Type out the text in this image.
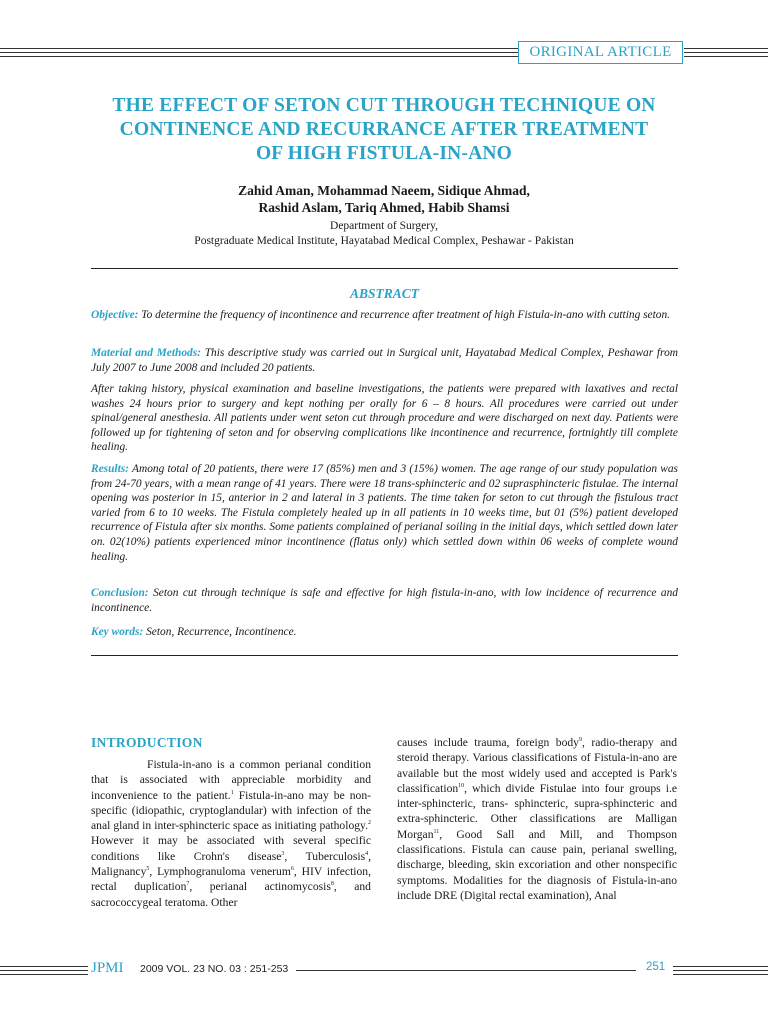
ORIGINAL ARTICLE
THE EFFECT OF SETON CUT THROUGH TECHNIQUE ON
CONTINENCE AND RECURRANCE AFTER TREATMENT
OF HIGH FISTULA-IN-ANO
Zahid Aman, Mohammad Naeem, Sidique Ahmad,
Rashid Aslam, Tariq Ahmed, Habib Shamsi
Department of Surgery,
Postgraduate Medical Institute, Hayatabad Medical Complex, Peshawar - Pakistan
ABSTRACT

Objective: To determine the frequency of incontinence and recurrence after treatment of high Fistula-in-ano with cutting seton.

Material and Methods: This descriptive study was carried out in Surgical unit, Hayatabad Medical Complex, Peshawar from July 2007 to June 2008 and included 20 patients.

After taking history, physical examination and baseline investigations, the patients were prepared with laxatives and rectal washes 24 hours prior to surgery and kept nothing per orally for 6 – 8 hours. All procedures were carried out under spinal/general anesthesia. All patients under went seton cut through procedure and were discharged on next day. Patients were followed up for tightening of seton and for observing complications like incontinence and recurrence, fortnightly till complete healing.

Results: Among total of 20 patients, there were 17 (85%) men and 3 (15%) women. The age range of our study population was from 24-70 years, with a mean range of 41 years. There were 18 trans-sphincteric and 02 suprasphincteric fistulae. The internal opening was posterior in 15, anterior in 2 and lateral in 3 patients. The time taken for seton to cut through the fistulous tract varied from 6 to 10 weeks. The Fistula completely healed up in all patients in 10 weeks time, but 01 (5%) patient developed recurrence of Fistula after six months. Some patients complained of perianal soiling in the initial days, which settled down later on. 02(10%) patients experienced minor incontinence (flatus only) which settled down within 06 weeks of complete wound healing.

Conclusion: Seton cut through technique is safe and effective for high fistula-in-ano, with low incidence of recurrence and incontinence.

Key words: Seton, Recurrence, Incontinence.

INTRODUCTION

Fistula-in-ano is a common perianal condition that is associated with appreciable morbidity and inconvenience to the patient.$^1$ Fistula-in-ano may be non-specific (idiopathic, cryptoglandular) with infection of the anal gland in inter-sphincteric space as initiating pathology.$^2$ However it may be associated with several specific conditions like Crohn's disease$^3$, Tuberculosis$^4$, Malignancy$^5$, Lymphogranuloma venerum$^6$, HIV infection, rectal duplication$^7$, perianal actinomycosis$^8$, and sacrococcygeal teratoma. Other

causes include trauma, foreign body$^9$, radio-therapy and steroid therapy. Various classifications of Fistula-in-ano are available but the most widely used and accepted is Park's classification$^{10}$, which divide Fistulae into four groups i.e inter-sphincteric, trans- sphincteric, supra-sphincteric and extra-sphincteric. Other classifications are Malligan Morgan$^{11}$, Good Sall and Mill, and Thompson classifications. Fistula can cause pain, perianal swelling, discharge, bleeding, skin excoriation and other nonspecific symptoms. Modalities for the diagnosis of Fistula-in-ano include DRE (Digital rectal examination), Anal

JPMI 2009 VOL. 23 NO. 03 : 251-253	251
